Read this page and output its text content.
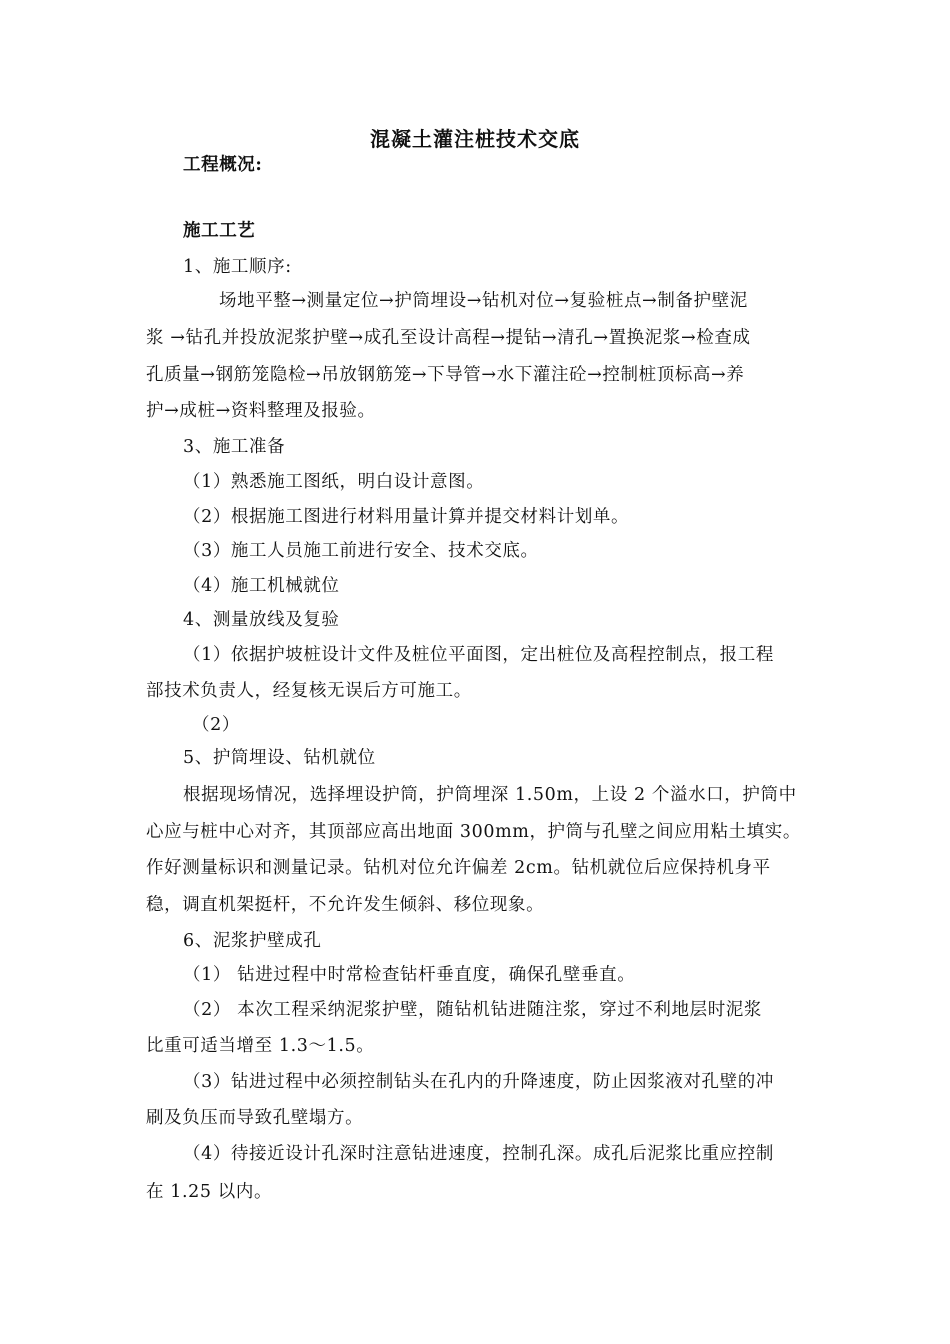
混凝土灌注桩技术交底
工程概况:
施工工艺
1、施工顺序:
场地平整→测量定位→护筒埋设→钻机对位→复验桩点→制备护壁泥
浆 →钻孔并投放泥浆护壁→成孔至设计高程→提钻→清孔→置换泥浆→检查成
孔质量→钢筋笼隐检→吊放钢筋笼→下导管→水下灌注砼→控制桩顶标高→养
护→成桩→资料整理及报验。
3、施工准备
（1）熟悉施工图纸，明白设计意图。
（2）根据施工图进行材料用量计算并提交材料计划单。
（3）施工人员施工前进行安全、技术交底。
（4）施工机械就位
4、测量放线及复验
（1）依据护坡桩设计文件及桩位平面图，定出桩位及高程控制点，报工程
部技术负责人，经复核无误后方可施工。
（2）
5、护筒埋设、钻机就位
根据现场情况，选择埋设护筒，护筒埋深 1.50m，上设 2 个溢水口，护筒中
心应与桩中心对齐，其顶部应高出地面 300mm，护筒与孔壁之间应用粘土填实。
作好测量标识和测量记录。钻机对位允许偏差 2cm。钻机就位后应保持机身平
稳，调直机架挺杆，不允许发生倾斜、移位现象。
6、泥浆护壁成孔
（1） 钻进过程中时常检查钻杆垂直度，确保孔壁垂直。
（2） 本次工程采纳泥浆护壁，随钻机钻进随注浆，穿过不利地层时泥浆
比重可适当增至 1.3～1.5。
（3）钻进过程中必须控制钻头在孔内的升降速度，防止因浆液对孔壁的冲
刷及负压而导致孔壁塌方。
（4）待接近设计孔深时注意钻进速度，控制孔深。成孔后泥浆比重应控制
在 1.25 以内。
